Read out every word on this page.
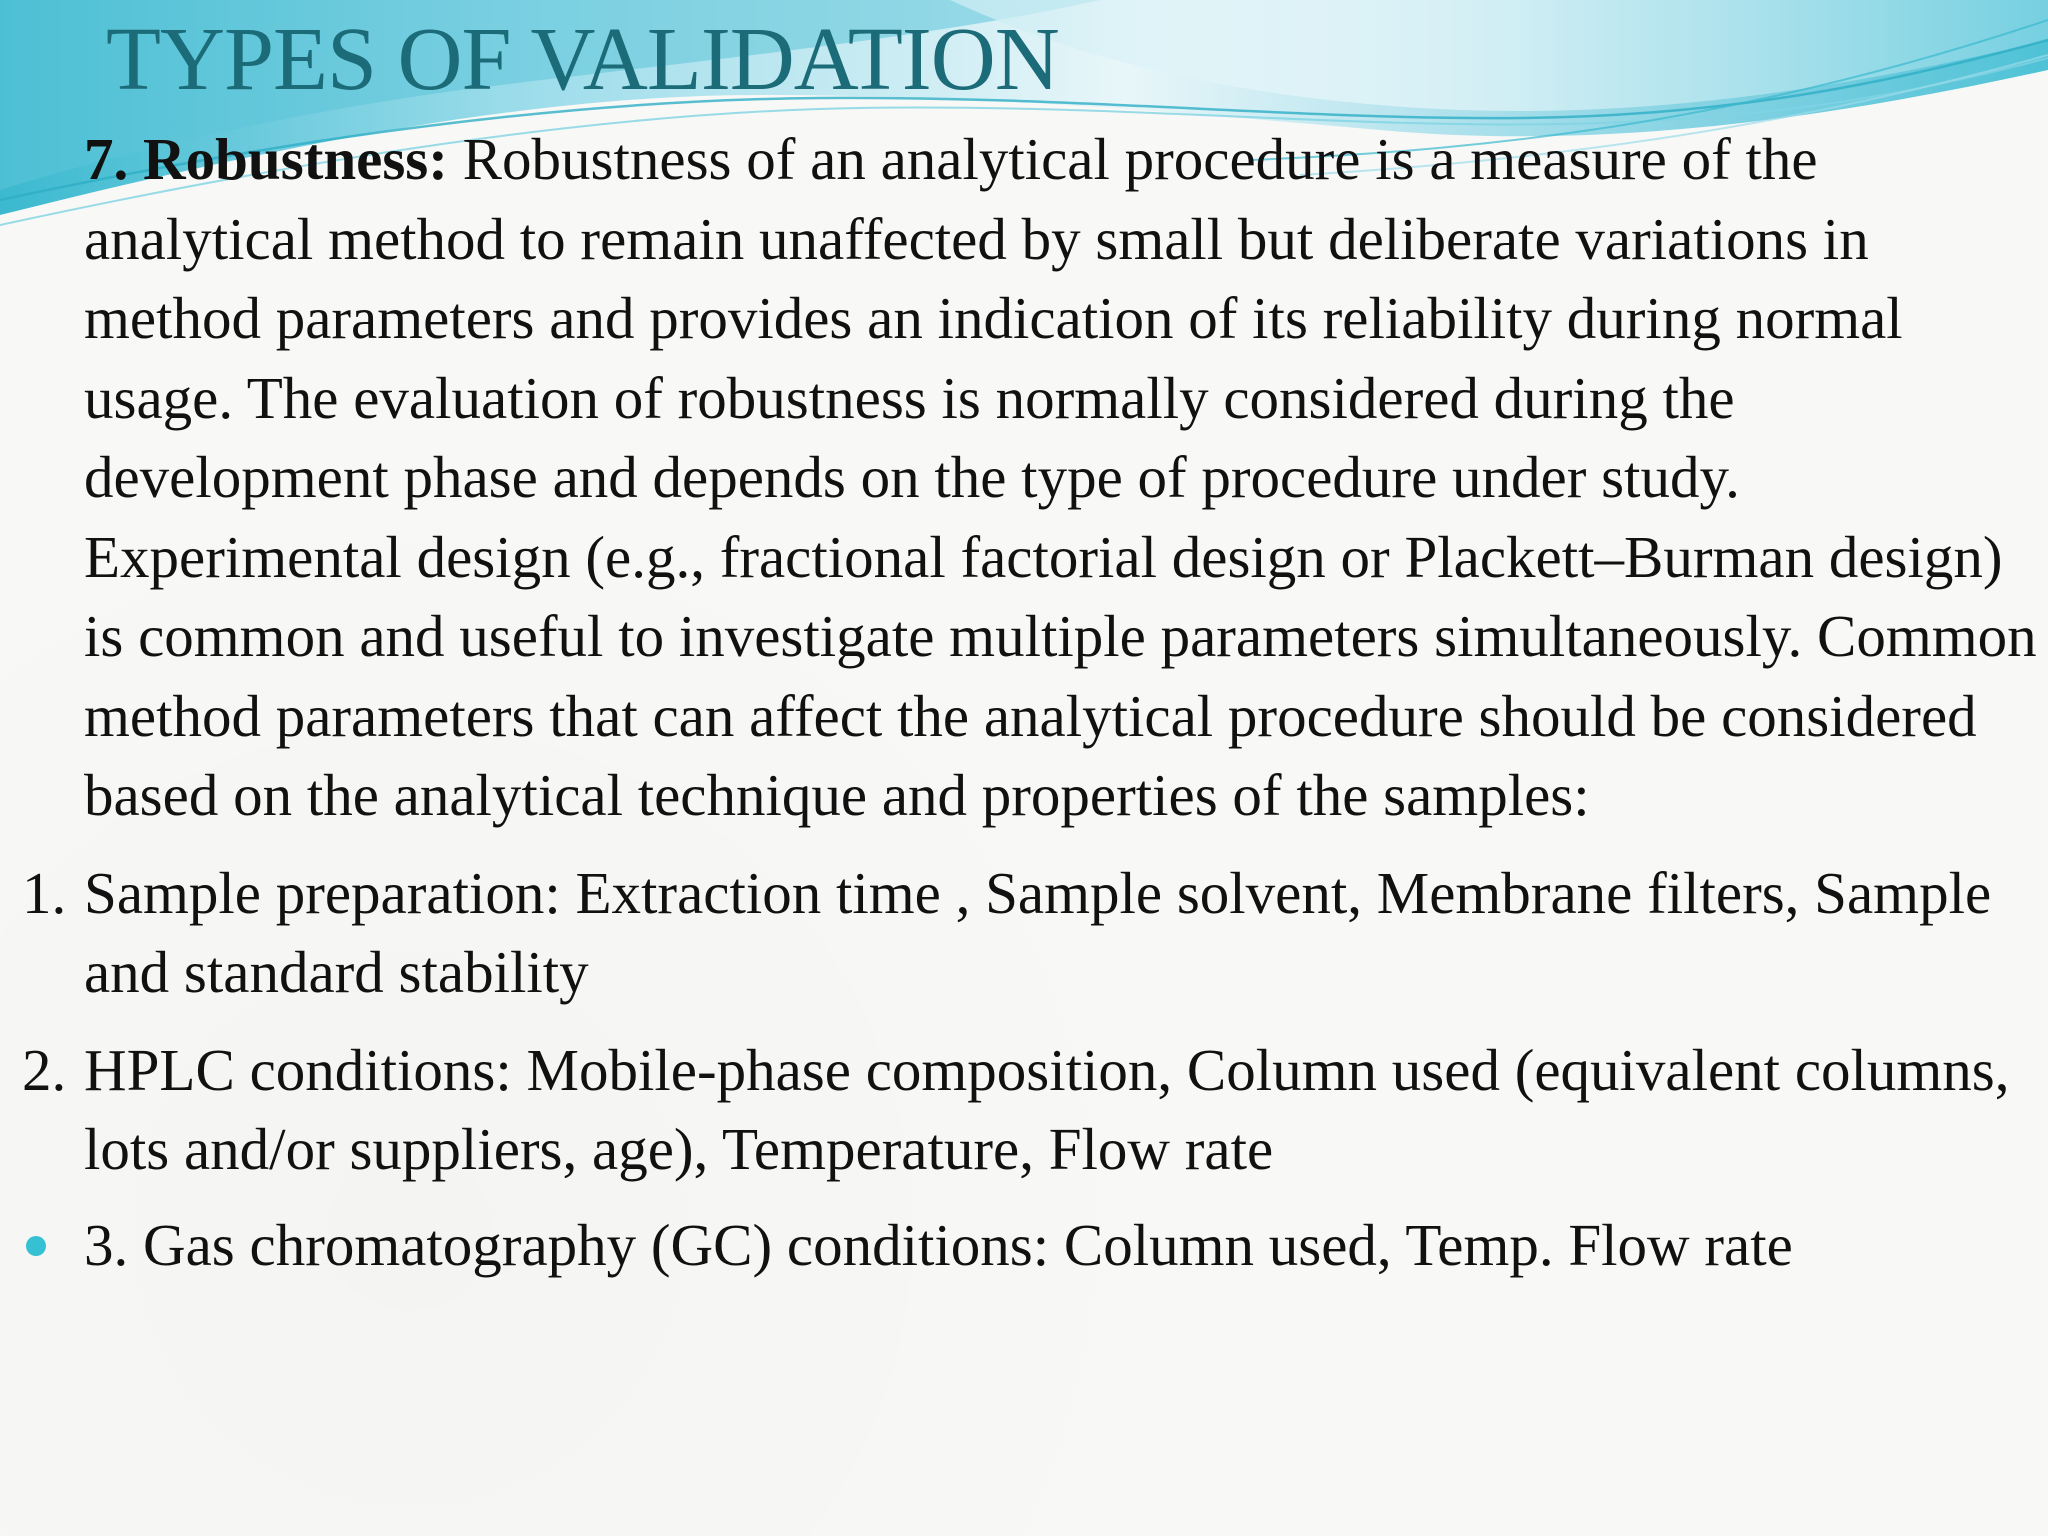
TYPES OF VALIDATION

7. Robustness: Robustness of an analytical procedure is a measure of the analytical method to remain unaffected by small but deliberate variations in method parameters and provides an indication of its reliability during normal usage. The evaluation of robustness is normally considered during the development phase and depends on the type of procedure under study. Experimental design (e.g., fractional factorial design or Plackett–Burman design) is common and useful to investigate multiple parameters simultaneously. Common method parameters that can affect the analytical procedure should be considered based on the analytical technique and properties of the samples:

1. Sample preparation: Extraction time , Sample solvent, Membrane filters, Sample and standard stability
2. HPLC conditions: Mobile-phase composition, Column used (equivalent columns, lots and/or suppliers, age), Temperature, Flow rate
3. Gas chromatography (GC) conditions: Column used, Temp. Flow rate
